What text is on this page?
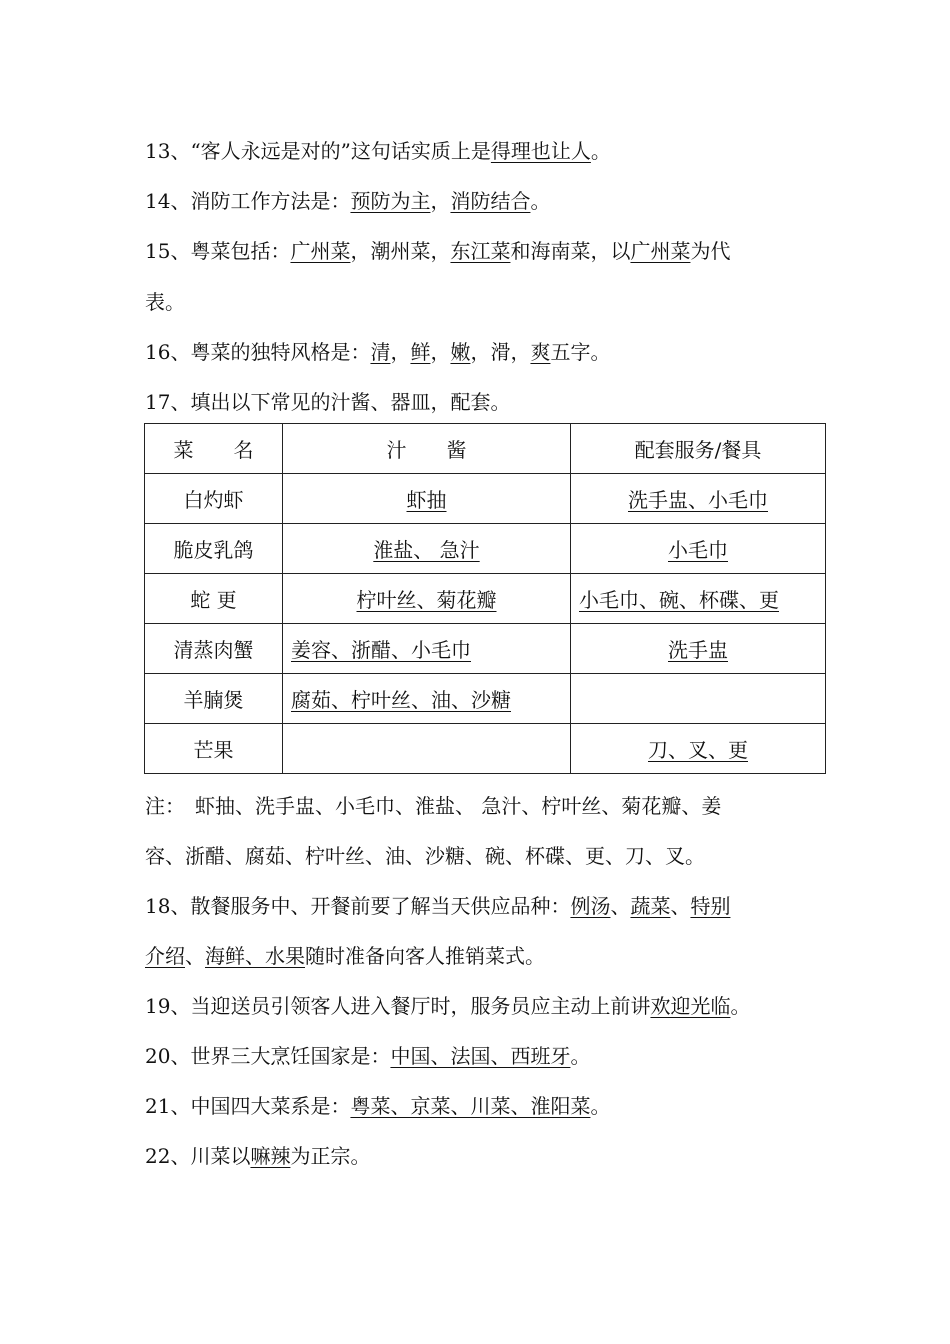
13、“客人永远是对的”这句话实质上是得理也让人。
14、消防工作方法是：预防为主，消防结合。
15、粤菜包括：广州菜，潮州菜，东江菜和海南菜，以广州菜为代
表。
16、粤菜的独特风格是：清，鲜，嫩，滑，爽五字。
17、填出以下常见的汁酱、器皿，配套。
菜　　名	汁　　酱	配套服务/餐具
白灼虾	虾抽	洗手盅、小毛巾
脆皮乳鸽	淮盐、 急汁	小毛巾
蛇 更	柠叶丝、菊花瓣	小毛巾、碗、杯碟、更
清蒸肉蟹	姜容、浙醋、小毛巾	洗手盅
羊腩煲	腐茹、柠叶丝、油、沙糖	
芒果		刀、叉、更
注：　虾抽、洗手盅、小毛巾、淮盐、 急汁、柠叶丝、菊花瓣、姜
容、浙醋、腐茹、柠叶丝、油、沙糖、碗、杯碟、更、刀、叉。
18、散餐服务中、开餐前要了解当天供应品种：例汤、蔬菜、特别
介绍、海鲜、水果随时准备向客人推销菜式。
19、当迎送员引领客人进入餐厅时，服务员应主动上前讲欢迎光临。
20、世界三大烹饪国家是：中国、法国、西班牙。
21、中国四大菜系是：粤菜、京菜、川菜、淮阳菜。
22、川菜以嘛辣为正宗。
